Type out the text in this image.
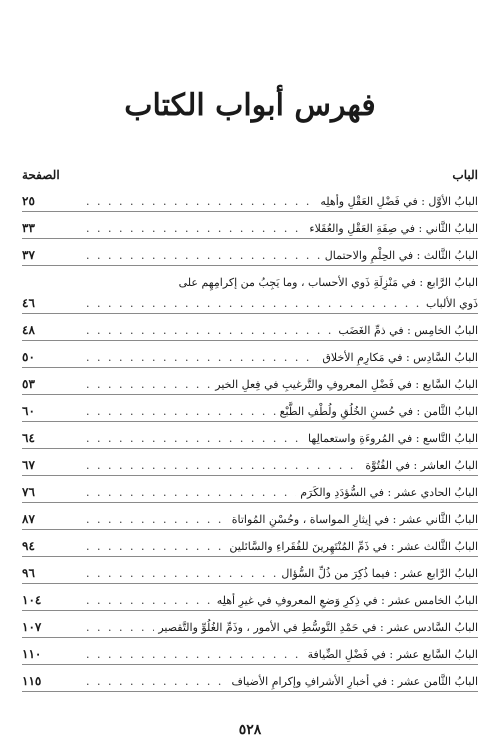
فهرس أبواب الكتاب
الباب
الصفحة
البابُ الأوَّل : في فَضْلِ العَقْلِ وأهلِه
. . .
٢٥
البابُ الثَّاني : في صِفَةِ العَقْلِ والعُقَلاء
. . .
٣٣
البابُ الثَّالث : في الحِلْمِ والاحتمال
. . .
٣٧
البابُ الرَّابع : في مَنْزِلَةِ ذَوي الأحساب ، وما يَجِبُ من إكرامِهِم على
ذَوي الألباب
. . .
٤٦
البابُ الخامِس : في ذمِّ الغَضَب
. . .
٤٨
البابُ السَّادِس : في مَكارِمِ الأخلاق
. . .
٥٠
البابُ السَّابع : في فَضْلِ المعروفِ والتَّرغيبِ في فِعلِ الخير
. . .
٥٣
البابُ الثَّامن : في حُسنِ الخُلُقِ ولُطْفِ الطَّبْع
. . .
٦٠
البابُ التَّاسع : في المُروءَةِ واستعمالِها
. . .
٦٤
البابُ العاشر : في الفُتُوَّة
. . .
٦٧
البابُ الحادي عشر : في السُّؤدَدِ والكَرَم
. . .
٧٦
البابُ الثَّاني عشر : في إيثارِ المواساة ، وحُسْنِ المُواتاة
. . .
٨٧
البابُ الثَّالث عشر : في ذَمِّ المُنْتَهِرينَ للفُقَراءِ والسَّائلين
. . .
٩٤
البابُ الرَّابع عشر : فيما ذُكِرَ من ذُلِّ السُّؤال
. . .
٩٦
البابُ الخامس عشر : في ذِكرِ وَضعِ المعروفِ في غيرِ أهلِه
. . .
١٠٤
البابُ السَّادس عشر : في حَمْدِ التَّوسُّطِ في الأمور ، وذَمِّ الغُلُوِّ والتَّقصير
. . .
١٠٧
البابُ السَّابع عشر : في فَضْلِ الضِّيافة
. . .
١١٠
البابُ الثَّامن عشر : في أخبارِ الأشرافِ وإكرامِ الأضياف
. . .
١١٥
٥٢٨
